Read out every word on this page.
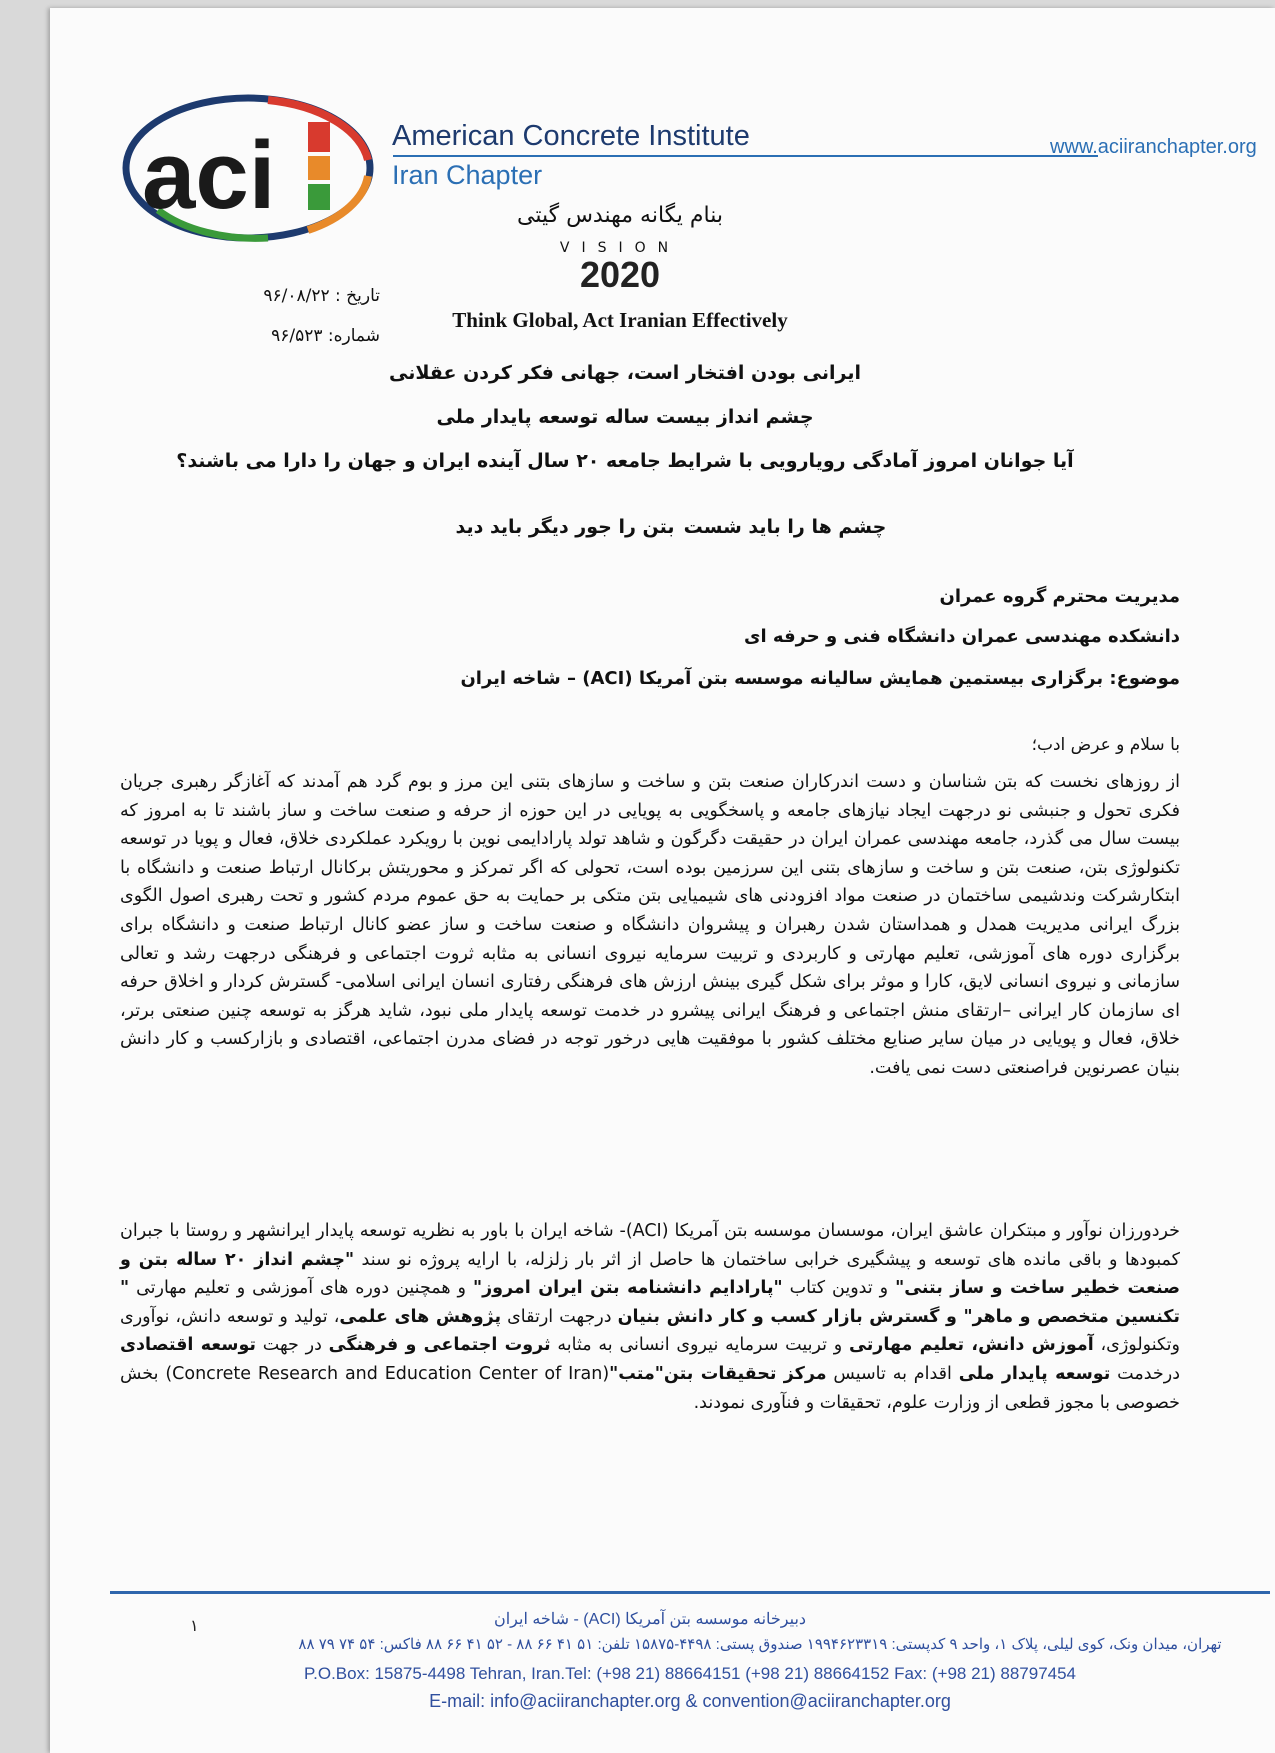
aci	American Concrete Institute
Iran Chapter
www.aciiranchapter.org
بنام یگانه مهندس گیتی
VISION
2020
Think Global, Act Iranian Effectively
تاریخ : ۹۶/۰۸/۲۲
شماره: ۹۶/۵۲۳
ایرانی بودن افتخار است، جهانی فکر کردن عقلانی
چشم انداز بیست ساله توسعه پایدار ملی
آیا جوانان امروز آمادگی رویارویی با شرایط جامعه ۲۰ سال آینده ایران و جهان را دارا می باشند؟
چشم ها را باید شست
بتن را جور دیگر باید دید
مدیریت محترم گروه عمران
دانشکده مهندسی عمران دانشگاه فنی و حرفه ای
موضوع: برگزاری بیستمین همایش سالیانه موسسه بتن آمریکا (ACI) – شاخه ایران
با سلام و عرض ادب؛
از روزهای نخست که بتن شناسان و دست اندرکاران صنعت بتن و ساخت و سازهای بتنی این مرز و بوم گرد هم آمدند که آغازگر رهبری جریان فکری تحول و جنبشی نو درجهت ایجاد نیازهای جامعه و پاسخگویی به پویایی در این حوزه از حرفه و صنعت ساخت و ساز باشند تا به امروز که بیست سال می گذرد، جامعه مهندسی عمران ایران در حقیقت دگرگون و شاهد تولد پارادایمی نوین با رویکرد عملکردی خلاق، فعال و پویا در توسعه تکنولوژی بتن، صنعت بتن و ساخت و سازهای بتنی این سرزمین بوده است، تحولی که اگر تمرکز و محوریتش برکانال ارتباط صنعت و دانشگاه با ابتکارشرکت وندشیمی ساختمان در صنعت مواد افزودنی های شیمیایی بتن متکی بر حمایت به حق عموم مردم کشور و تحت رهبری اصول الگوی بزرگ ایرانی مدیریت همدل و همداستان شدن رهبران و پیشروان دانشگاه و صنعت ساخت و ساز عضو کانال ارتباط صنعت و دانشگاه برای برگزاری دوره های آموزشی، تعلیم مهارتی و کاربردی و تربیت سرمایه نیروی انسانی به مثابه ثروت اجتماعی و فرهنگی درجهت رشد و تعالی سازمانی و نیروی انسانی لایق، کارا و موثر برای شکل گیری بینش ارزش های فرهنگی رفتاری انسان ایرانی اسلامی- گسترش کردار و اخلاق حرفه ای سازمان کار ایرانی –ارتقای منش اجتماعی و فرهنگ ایرانی پیشرو در خدمت توسعه پایدار ملی نبود، شاید هرگز به توسعه چنین صنعتی برتر، خلاق، فعال و پویایی در میان سایر صنایع مختلف کشور با موفقیت هایی درخور توجه در فضای مدرن اجتماعی، اقتصادی و بازارکسب و کار دانش بنیان عصرنوین فراصنعتی دست نمی یافت.
خردورزان نوآور و مبتکران عاشق ایران، موسسان موسسه بتن آمریکا (ACI)- شاخه ایران با باور به نظریه توسعه پایدار ایرانشهر و روستا با جبران کمبودها و باقی مانده های توسعه و پیشگیری خرابی ساختمان ها حاصل از اثر بار زلزله، با ارایه پروژه نو سند "چشم انداز ۲۰ ساله بتن و صنعت خطیر ساخت و ساز بتنی" و تدوین کتاب "پارادایم دانشنامه بتن ایران امروز" و همچنین دوره های آموزشی و تعلیم مهارتی " تکنسین متخصص و ماهر" و گسترش بازار کسب و کار دانش بنیان درجهت ارتقای پژوهش های علمی، تولید و توسعه دانش، نوآوری وتکنولوژی، آموزش دانش، تعلیم مهارتی و تربیت سرمایه نیروی انسانی به مثابه ثروت اجتماعی و فرهنگی در جهت توسعه اقتصادی درخدمت توسعه پایدار ملی اقدام به تاسیس مرکز تحقیقات بتن"متب"(Concrete Research and Education Center of Iran) بخش خصوصی با مجوز قطعی از وزارت علوم، تحقیقات و فنآوری نمودند.
۱	دبیرخانه موسسه بتن آمریکا (ACI) - شاخه ایران
تهران، میدان ونک، کوی لیلی، پلاک ۱، واحد ۹ کدپستی: ۱۹۹۴۶۲۳۳۱۹ صندوق پستی: ۴۴۹۸-۱۵۸۷۵ تلفن: ۵۱ ۴۱ ۶۶ ۸۸ - ۵۲ ۴۱ ۶۶ ۸۸ فاکس: ۵۴ ۷۴ ۷۹ ۸۸
P.O.Box: 15875-4498 Tehran, Iran.Tel: (+98 21) 88664151 (+98 21) 88664152 Fax: (+98 21) 88797454
E-mail: info@aciiranchapter.org & convention@aciiranchapter.org
